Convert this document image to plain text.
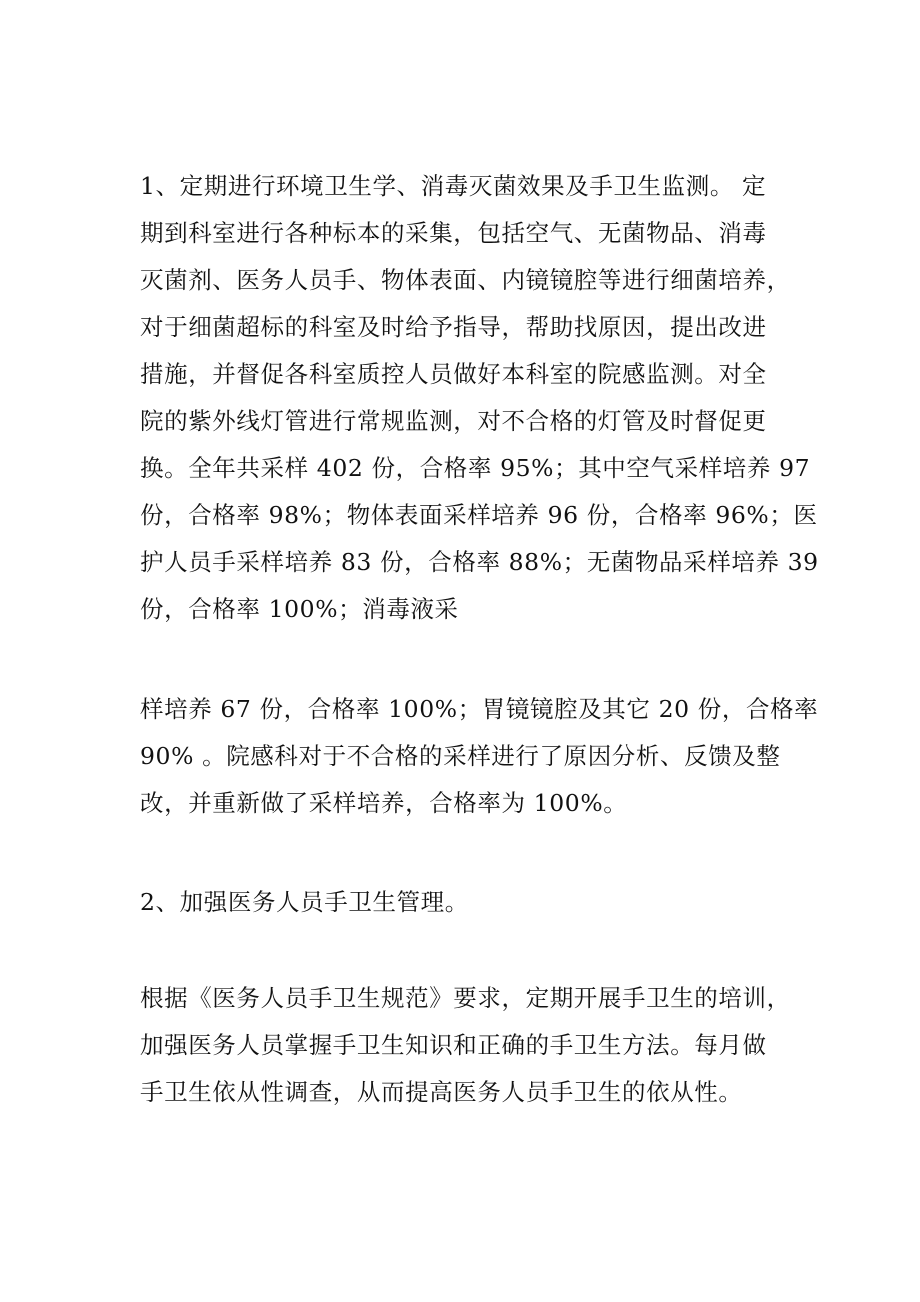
1、定期进行环境卫生学、消毒灭菌效果及手卫生监测。 定
期到科室进行各种标本的采集，包括空气、无菌物品、消毒
灭菌剂、医务人员手、物体表面、内镜镜腔等进行细菌培养，
对于细菌超标的科室及时给予指导，帮助找原因，提出改进
措施，并督促各科室质控人员做好本科室的院感监测。对全
院的紫外线灯管进行常规监测，对不合格的灯管及时督促更
换。全年共采样 402 份，合格率 95%；其中空气采样培养 97
份，合格率 98%；物体表面采样培养 96 份，合格率 96%；医
护人员手采样培养 83 份，合格率 88%；无菌物品采样培养 39
份，合格率 100%；消毒液采
样培养 67 份，合格率 100%；胃镜镜腔及其它 20 份，合格率
90% 。院感科对于不合格的采样进行了原因分析、反馈及整
改，并重新做了采样培养，合格率为 100%。
2、加强医务人员手卫生管理。
根据《医务人员手卫生规范》要求，定期开展手卫生的培训，
加强医务人员掌握手卫生知识和正确的手卫生方法。每月做
手卫生依从性调查，从而提高医务人员手卫生的依从性。
